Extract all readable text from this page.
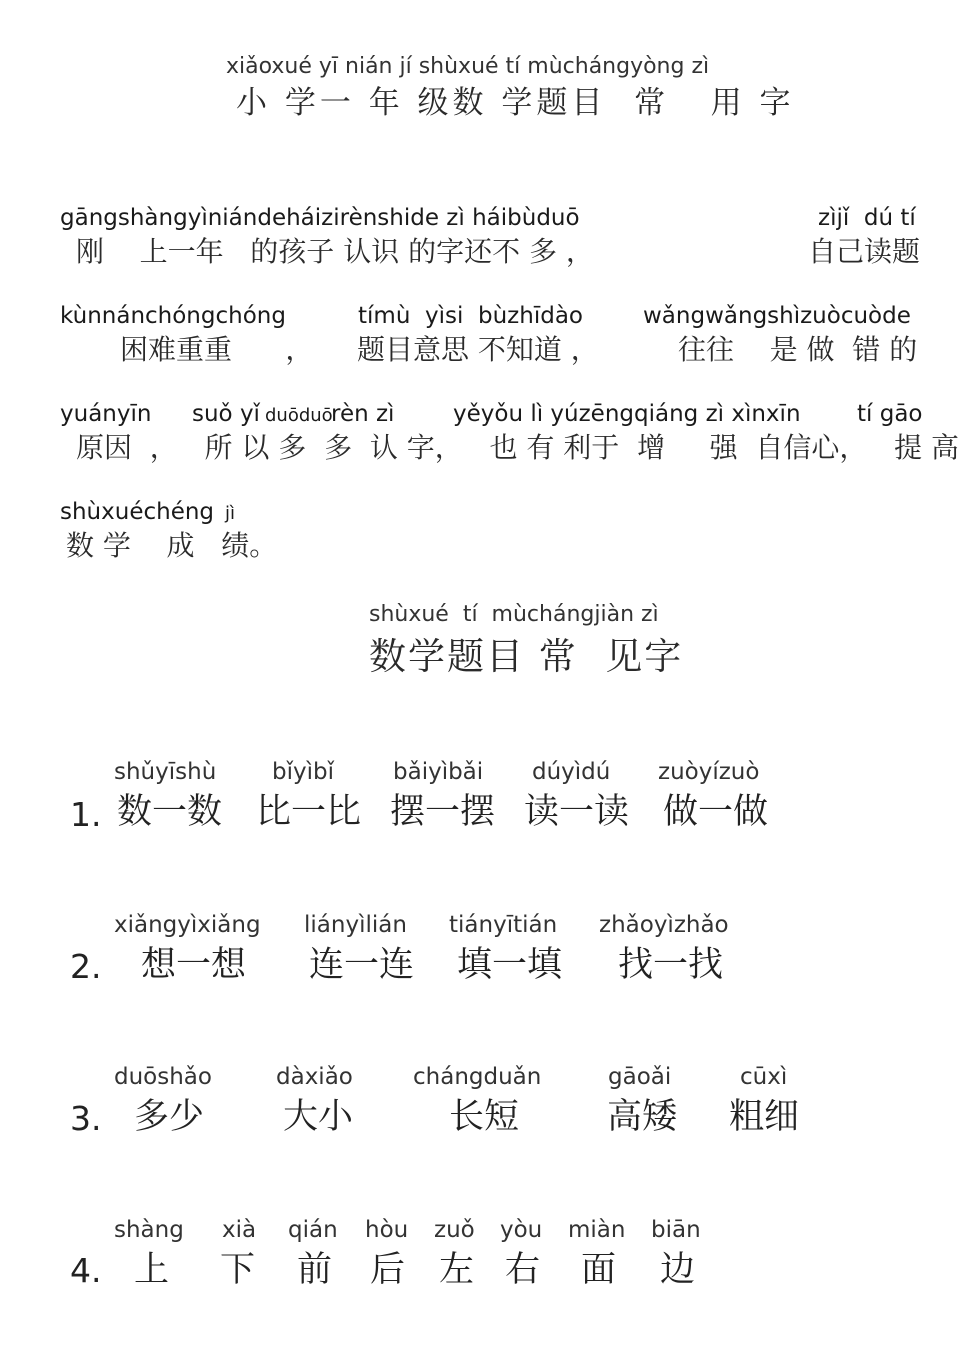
xiǎoxué yī nián jí shùxué tí mùchángyòng zì
小 学一 年 级数 学题目  常   用 字
gāngshàngyìniándeháizirènshide zì háibùduō	zìjǐ  dú tí
刚    上一年   的孩子 认识 的字还不 多 ，	自己读题
kùnnánchóngchóng	tímù  yìsi  bùzhīdào	wǎngwǎngshìzuòcuòde
困难重重      ， 题目意思 不知道 ，	往往    是 做  错 的
yuányīn suǒ yǐ duōduō
rèn zì	yěyǒu lì yúzēngqiáng zì xìnxīn tí gāo
原因  ，   所 以 多  多  认 字，   也 有 利于  增     强  自信心，   提 高
shùxuéchéng jì
数 学    成   绩。
shùxué  tí  mùchángjiàn zì
数学题目 常  见字
1.
shǔyīshù
数一数
bǐyìbǐ
比一比
bǎiyìbǎi
摆一摆
dúyìdú
读一读
zuòyízuò
做一做
2.
xiǎngyìxiǎng
想一想
liányìlián
连一连
tiányītián
填一填
zhǎoyìzhǎo
找一找
3.
duōshǎo
多少
dàxiǎo
大小
chángduǎn
长短
gāoǎi
高矮
cūxì
粗细
4.
shàng
上
xià
下
qián
前
hòu
后
zuǒ
左
yòu
右
miàn
面
biān
边
